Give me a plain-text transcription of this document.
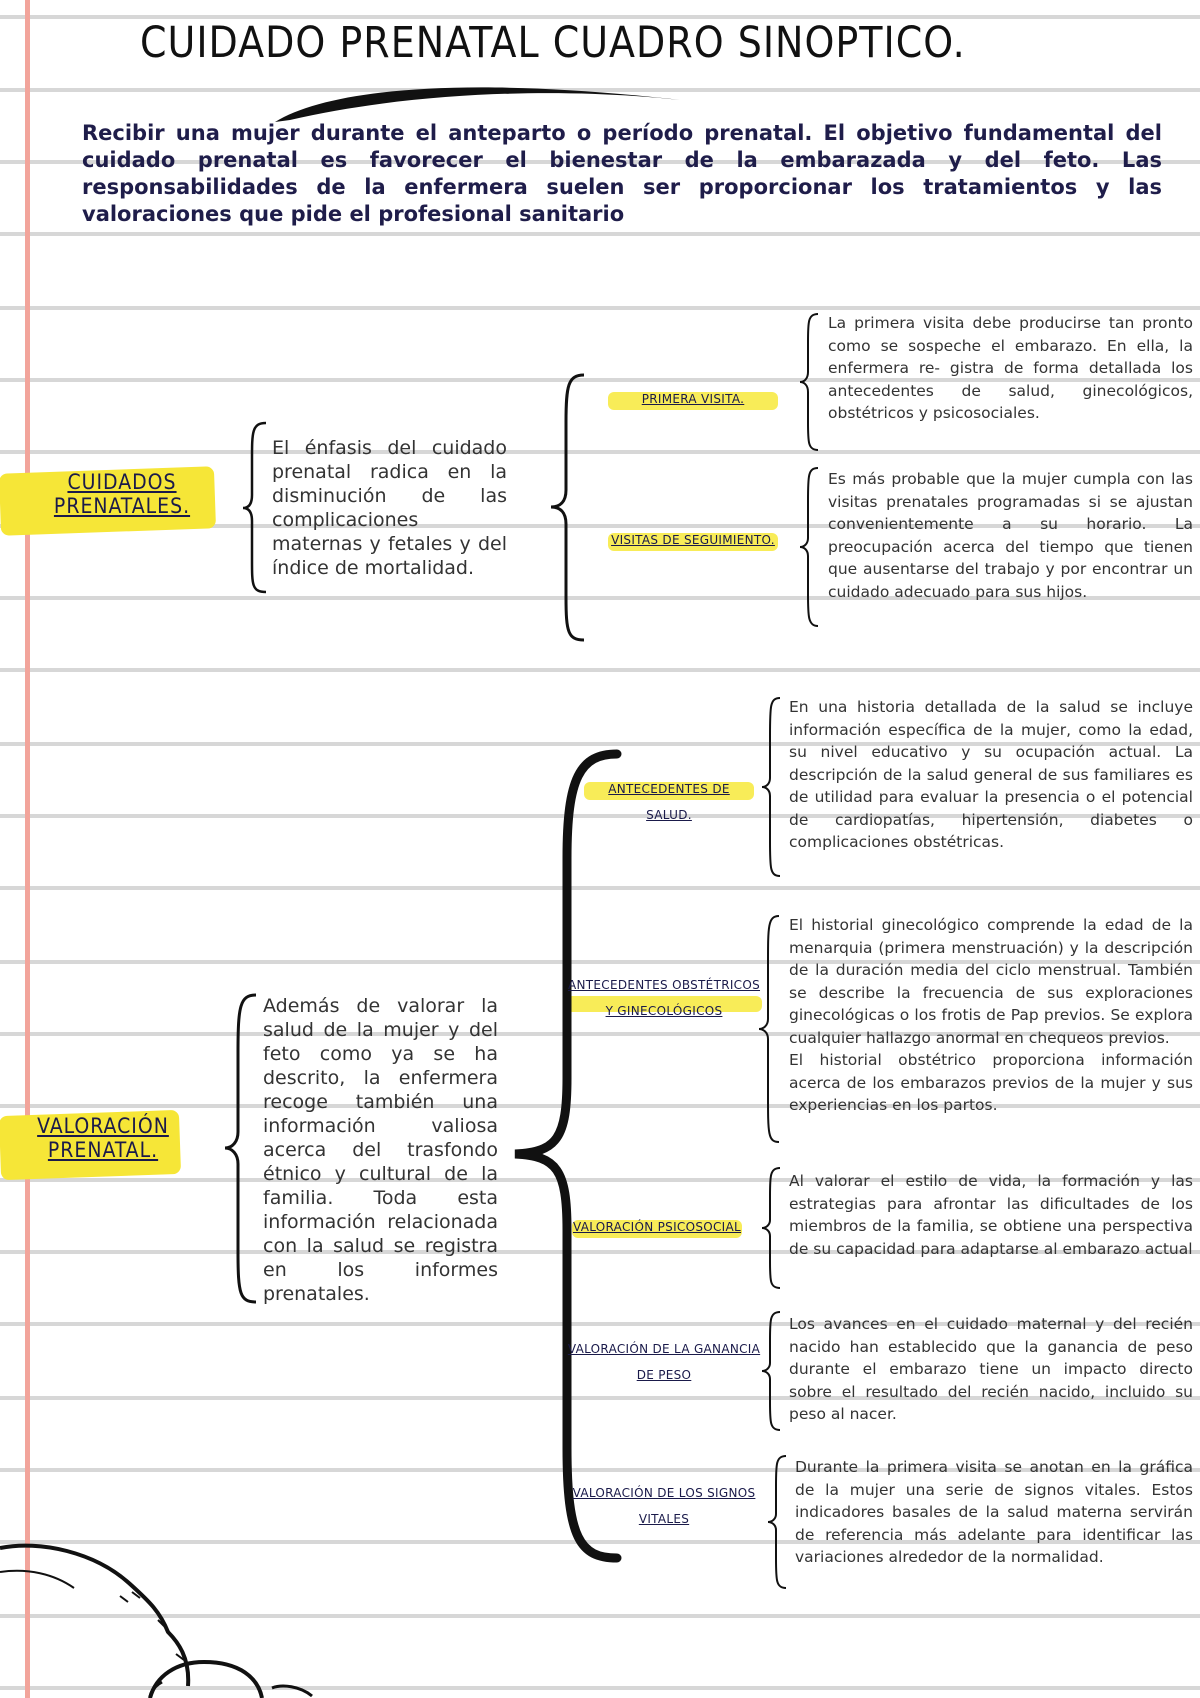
CUIDADO PRENATAL CUADRO SINOPTICO.
Recibir una mujer durante el anteparto o período prenatal. El objetivo fundamental del cuidado prenatal es favorecer el bienestar de la embarazada y del feto. Las responsabilidades de la enfermera suelen ser proporcionar los tratamientos y las valoraciones que pide el profesional sanitario
CUIDADOS
PRENATALES.
El énfasis del cuidado prenatal radica en la disminución de las complicaciones maternas y fetales y del índice de mortalidad.
PRIMERA VISITA.
La primera visita debe producirse tan pronto como se sospeche el embarazo. En ella, la enfermera re- gistra de forma detallada los antecedentes de salud, ginecológicos, obstétricos y psicosociales.
VISITAS DE SEGUIMIENTO.
Es más probable que la mujer cumpla con las visitas prenatales programadas si se ajustan convenientemente a su horario. La preocupación acerca del tiempo que tienen que ausentarse del trabajo y por encontrar un cuidado adecuado para sus hijos.
VALORACIÓN
PRENATAL.
Además de valorar la salud de la mujer y del feto como ya se ha descrito, la enfermera recoge también una información valiosa acerca del trasfondo étnico y cultural de la familia. Toda esta información relacionada con la salud se registra en los informes prenatales.
ANTECEDENTES DE SALUD.
En una historia detallada de la salud se incluye información específica de la mujer, como la edad, su nivel educativo y su ocupación actual. La descripción de la salud general de sus familiares es de utilidad para evaluar la presencia o el potencial de cardiopatías, hipertensión, diabetes o complicaciones obstétricas.
ANTECEDENTES OBSTÉTRICOS Y GINECOLÓGICOS
El historial ginecológico comprende la edad de la menarquia (primera menstruación) y la descripción de la duración media del ciclo menstrual. También se describe la frecuencia de sus exploraciones ginecológicas o los frotis de Pap previos. Se explora cualquier hallazgo anormal en chequeos previos.
El historial obstétrico proporciona información acerca de los embarazos previos de la mujer y sus experiencias en los partos.
VALORACIÓN PSICOSOCIAL
Al valorar el estilo de vida, la formación y las estrategias para afrontar las dificultades de los miembros de la familia, se obtiene una perspectiva de su capacidad para adaptarse al embarazo actual
VALORACIÓN DE LA GANANCIA DE PESO
Los avances en el cuidado maternal y del recién nacido han establecido que la ganancia de peso durante el embarazo tiene un impacto directo sobre el resultado del recién nacido, incluido su peso al nacer.
VALORACIÓN DE LOS SIGNOS VITALES
Durante la primera visita se anotan en la gráfica de la mujer una serie de signos vitales. Estos indicadores basales de la salud materna servirán de referencia más adelante para identificar las variaciones alrededor de la normalidad.
